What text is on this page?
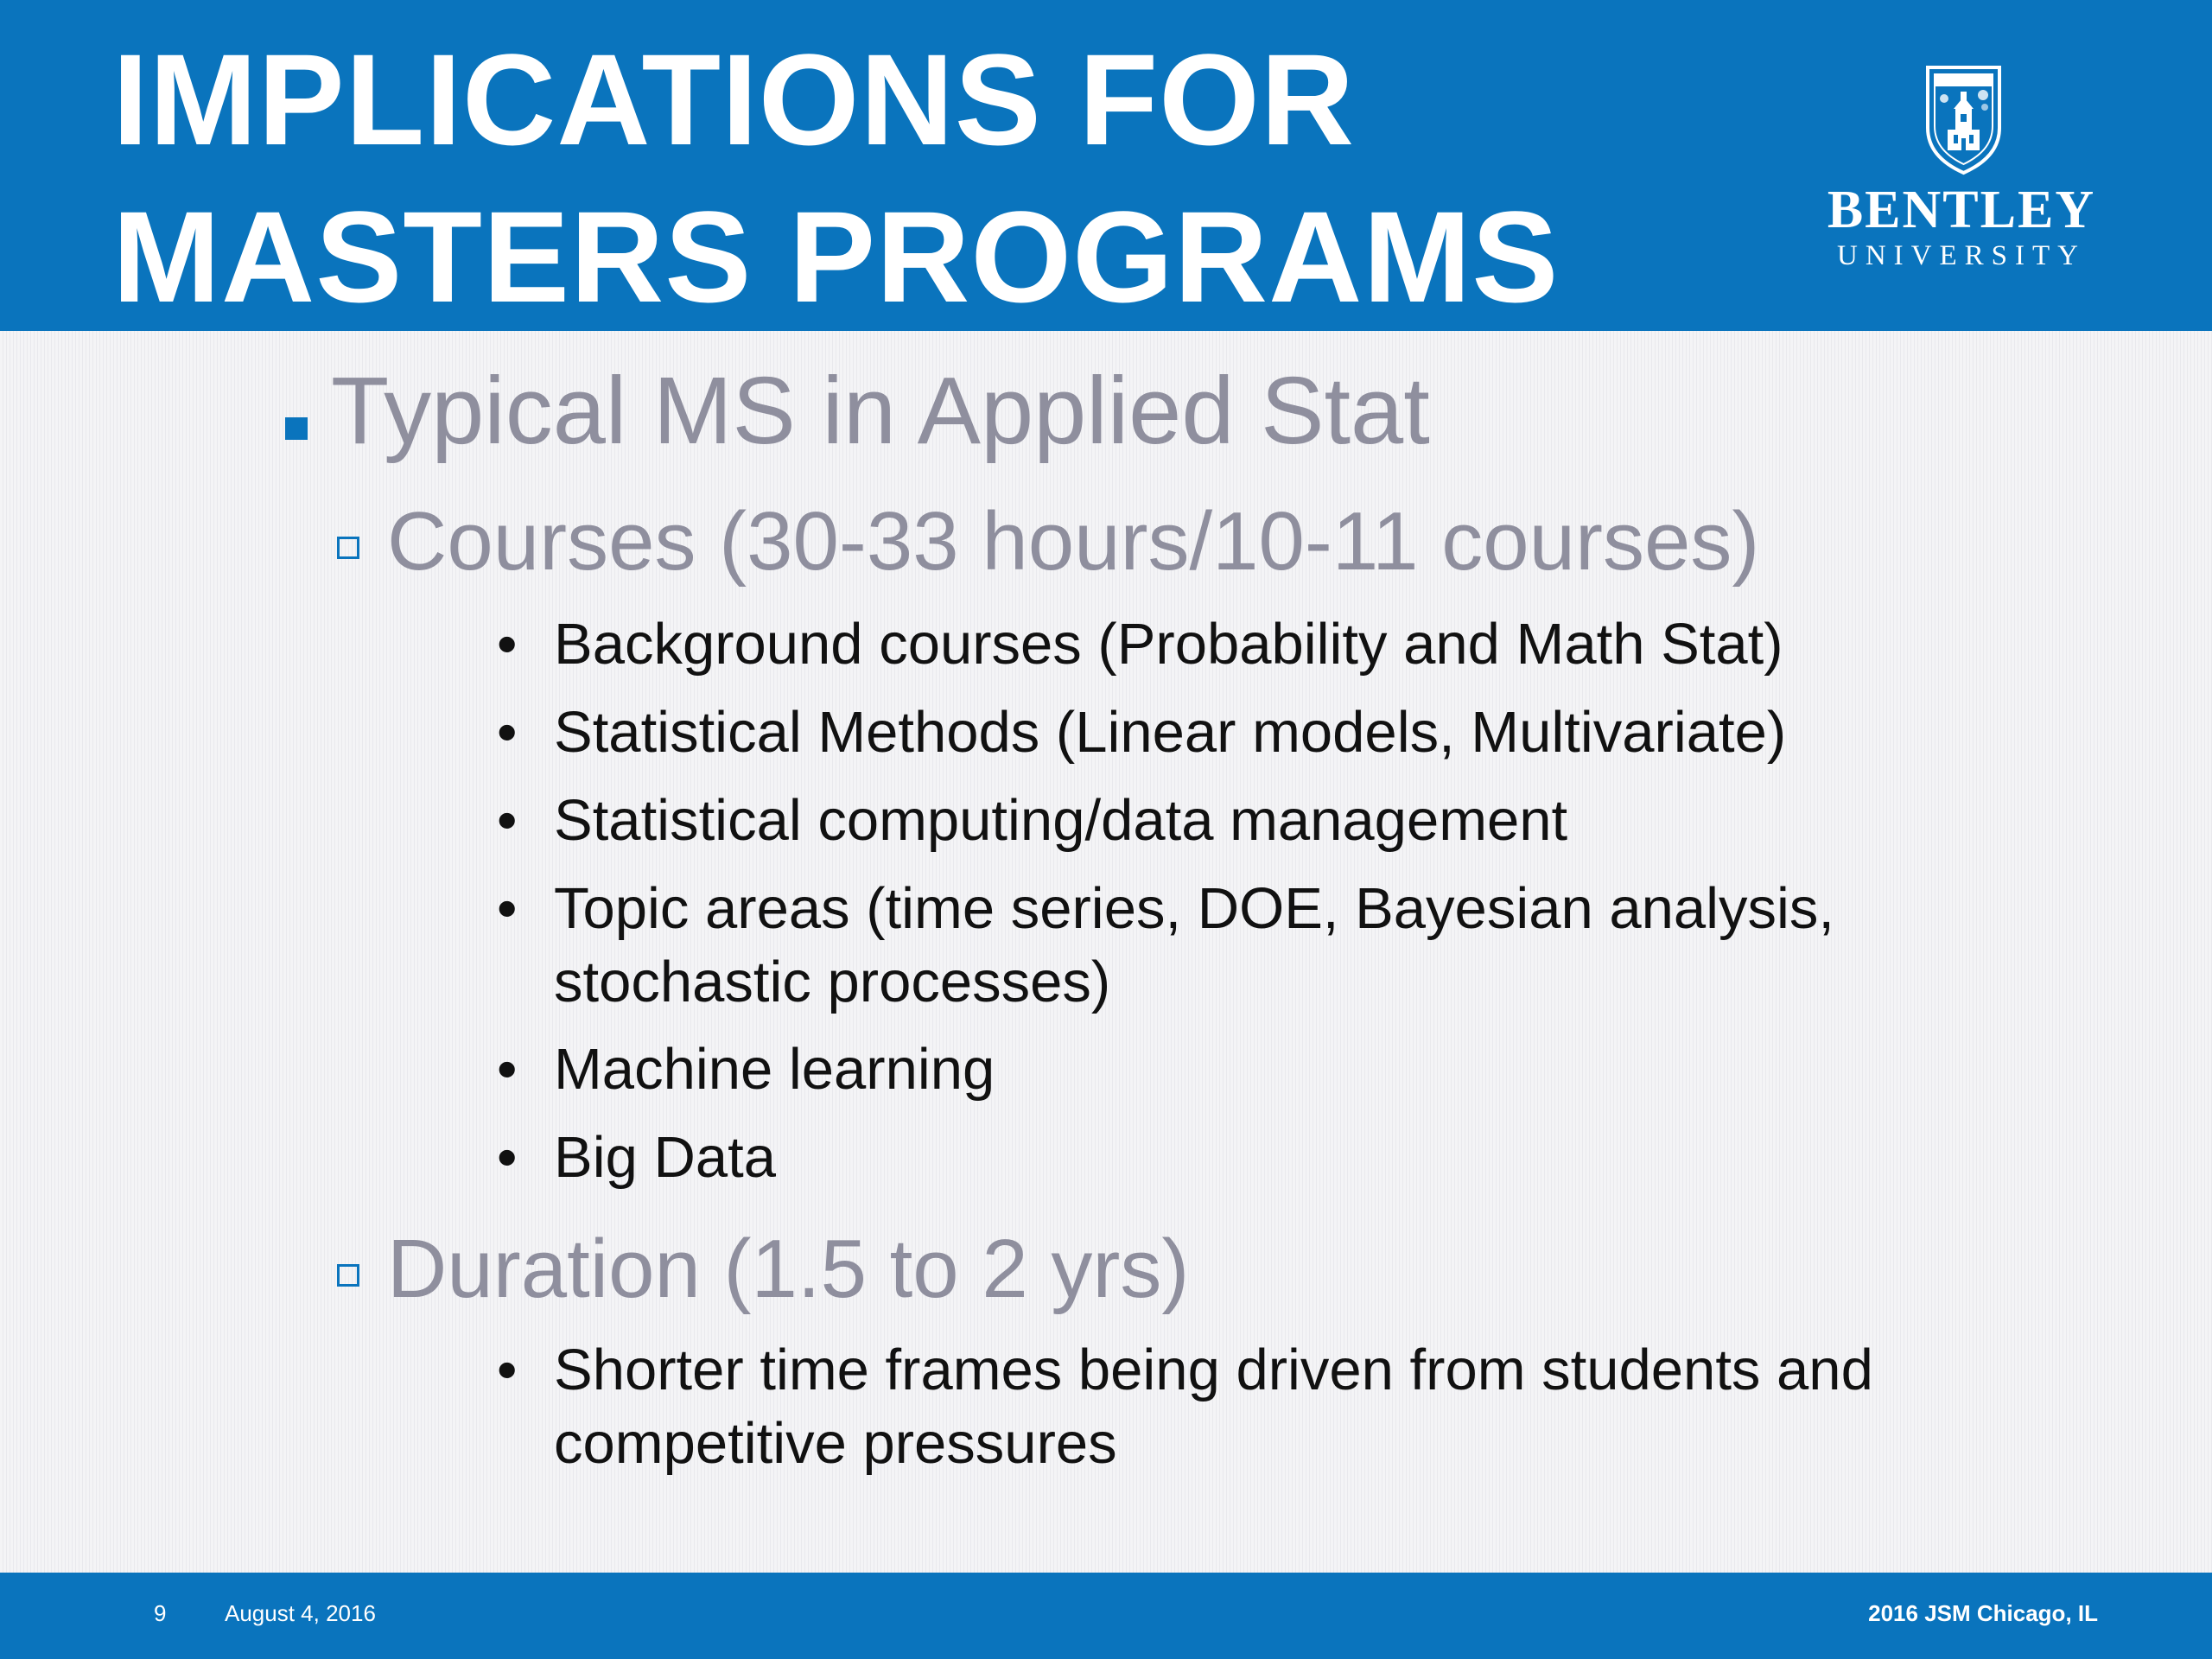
IMPLICATIONS FOR
MASTERS PROGRAMS	BENTLEY
UNIVERSITY
Typical MS in Applied Stat
Courses (30-33 hours/10-11 courses)
• Background courses (Probability and Math Stat)
• Statistical Methods (Linear models, Multivariate)
• Statistical computing/data management
• Topic areas (time series, DOE, Bayesian analysis, stochastic processes)
• Machine learning
• Big Data
Duration (1.5 to 2 yrs)
• Shorter time frames being driven from students and competitive pressures
9	August 4, 2016	2016 JSM Chicago, IL
